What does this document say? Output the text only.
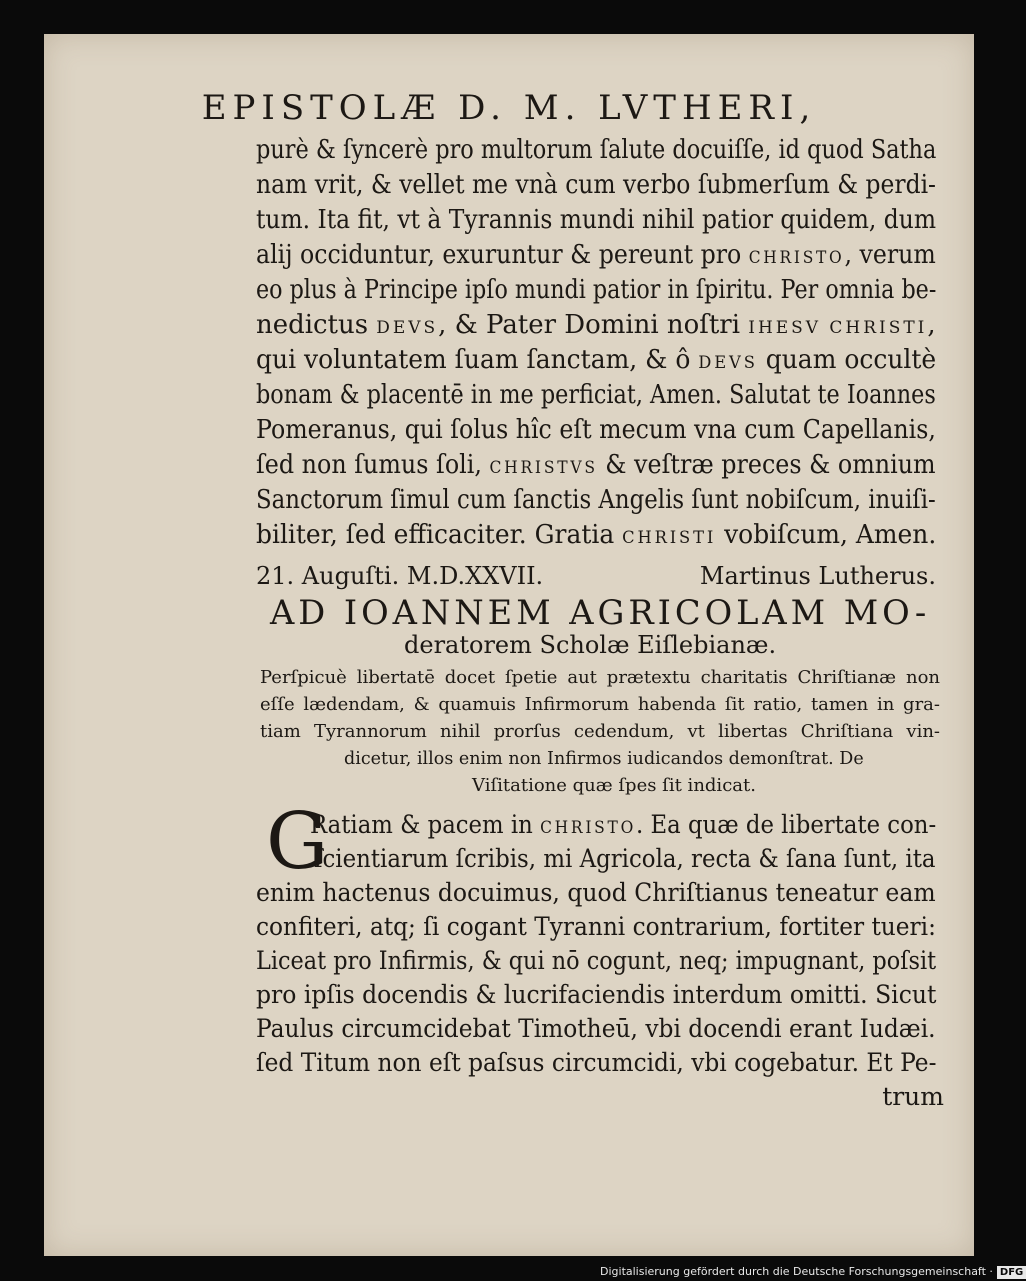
EPISTOLÆ D. M. LVTHERI,
purè & ſyncerè pro multorum ſalute docuiſſe, id quod Satha
nam vrit, & vellet me vnà cum verbo ſubmerſum & perdi-
tum. Ita fit, vt à Tyrannis mundi nihil patior quidem, dum
alij occiduntur, exuruntur & pereunt pro CHRISTO, verum
eo plus à Principe ipſo mundi patior in ſpiritu. Per omnia be-
nedictus DEVS, & Pater Domini noſtri IHESV CHRISTI,
qui voluntatem ſuam ſanctam, & ô DEVS quam occultè
bonam & placentē in me perficiat, Amen. Salutat te Ioannes
Pomeranus, qui ſolus hîc eſt mecum vna cum Capellanis,
ſed non ſumus ſoli, CHRISTVS & veſtræ preces & omnium
Sanctorum ſimul cum ſanctis Angelis ſunt nobiſcum, inuiſi-
biliter, ſed efficaciter. Gratia CHRISTI vobiſcum, Amen.
21. Auguſti. M.D.XXVII.	Martinus Lutherus.
AD IOANNEM AGRICOLAM MO-
deratorem Scholæ Eiſlebianæ.
Perſpicuè libertatē docet ſpetie aut prætextu charitatis Chriſtianæ non
eſſe lædendam, & quamuis Infirmorum habenda ſit ratio, tamen in gra-
tiam Tyrannorum nihil prorſus cedendum, vt libertas Chriſtiana vin-
dicetur, illos enim non Infirmos iudicandos demonſtrat. De
Viſitatione quæ ſpes ſit indicat.
G
Ratiam & pacem in CHRISTO. Ea quæ de libertate con-
ſcientiarum ſcribis, mi Agricola, recta & ſana ſunt, ita
enim hactenus docuimus, quod Chriſtianus teneatur eam
confiteri, atq; ſi cogant Tyranni contrarium, fortiter tueri:
Liceat pro Infirmis, & qui nō cogunt, neq; impugnant, poſsit
pro ipſis docendis & lucrifaciendis interdum omitti. Sicut
Paulus circumcidebat Timotheū, vbi docendi erant Iudæi.
ſed Titum non eſt paſsus circumcidi, vbi cogebatur. Et Pe-
trum
Digitalisierung gefördert durch die Deutsche Forschungsgemeinschaft · DFG
